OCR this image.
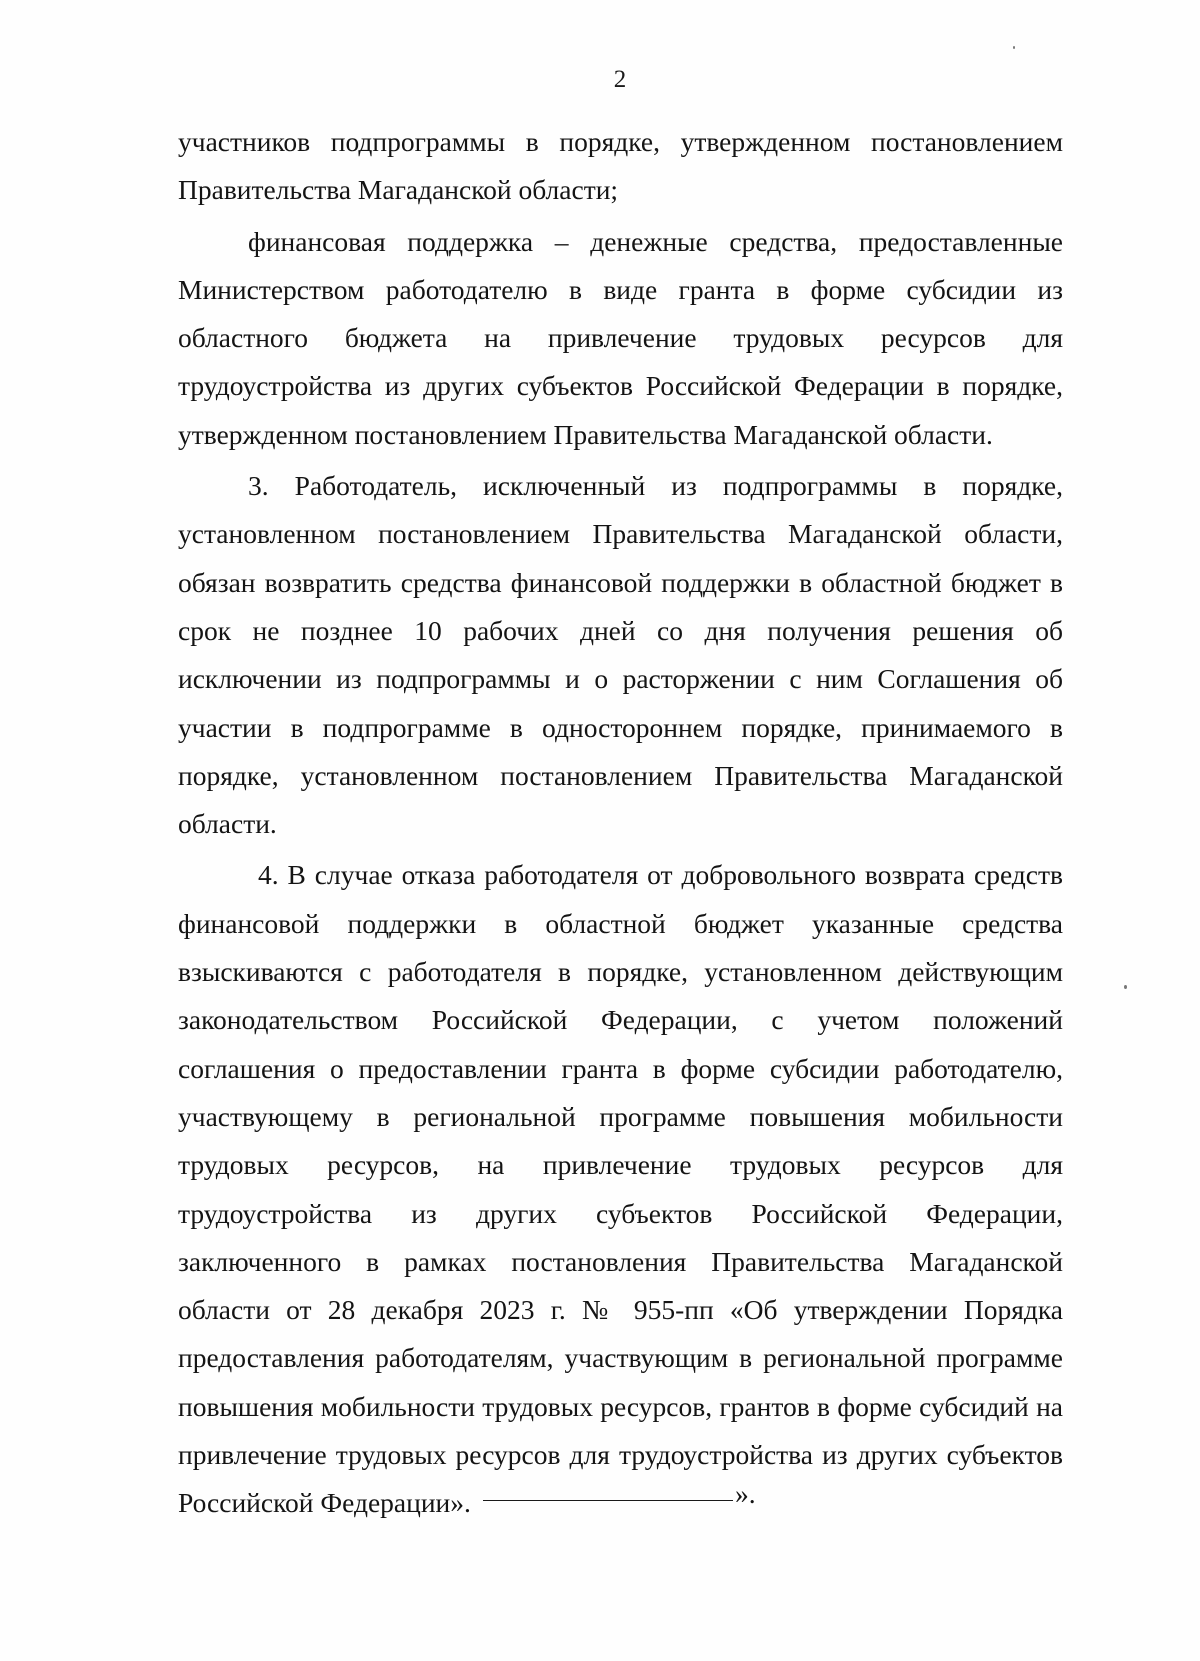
2

участников подпрограммы в порядке, утвержденном постановлением Правительства Магаданской области;

финансовая поддержка – денежные средства, предоставленные Министерством работодателю в виде гранта в форме субсидии из областного бюджета на привлечение трудовых ресурсов для трудоустройства из других субъектов Российской Федерации в порядке, утвержденном постановлением Правительства Магаданской области.

3. Работодатель, исключенный из подпрограммы в порядке, установленном постановлением Правительства Магаданской области, обязан возвратить средства финансовой поддержки в областной бюджет в срок не позднее 10 рабочих дней со дня получения решения об исключении из подпрограммы и о расторжении с ним Соглашения об участии в подпрограмме в одностороннем порядке, принимаемого в порядке, установленном постановлением Правительства Магаданской области.

4. В случае отказа работодателя от добровольного возврата средств финансовой поддержки в областной бюджет указанные средства взыскиваются с работодателя в порядке, установленном действующим законодательством Российской Федерации, с учетом положений соглашения о предоставлении гранта в форме субсидии работодателю, участвующему в региональной программе повышения мобильности трудовых ресурсов, на привлечение трудовых ресурсов для трудоустройства из других субъектов Российской Федерации, заключенного в рамках постановления Правительства Магаданской области от 28 декабря 2023 г. № 955-пп «Об утверждении Порядка предоставления работодателям, участвующим в региональной программе повышения мобильности трудовых ресурсов, грантов в форме субсидий на привлечение трудовых ресурсов для трудоустройства из других субъектов Российской Федерации».	».
